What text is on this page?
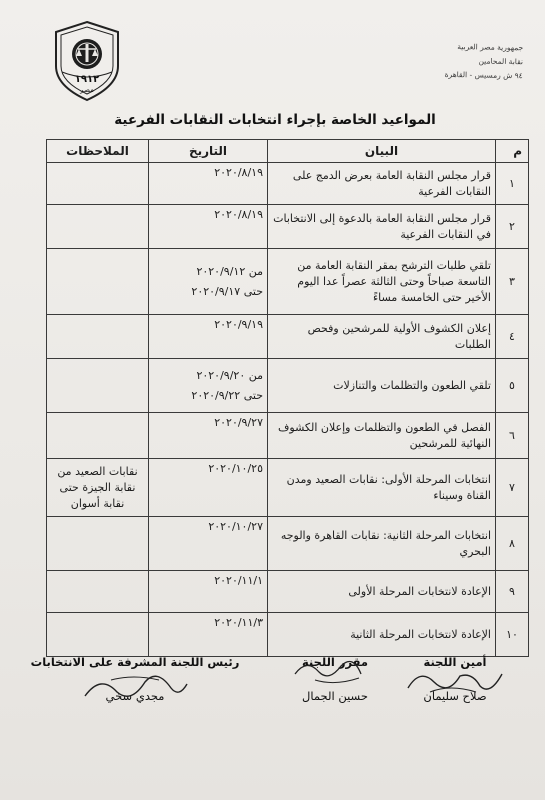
١٩١٢
مصر
جمهورية مصر العربية
نقابة المحامين
٩٤ ش رمسيس - القاهرة
المواعيد الخاصة بإجراء انتخابات النقابات الفرعية
م	البيان	التاريخ	الملاحظات
١	قرار مجلس النقابة العامة بعرض الدمج على النقابات الفرعية	٢٠٢٠/٨/١٩	

٢	قرار مجلس النقابة العامة بالدعوة إلى الانتخابات في النقابات الفرعية	٢٠٢٠/٨/١٩	

٣	تلقي طلبات الترشح بمقر النقابة العامة من التاسعة صباحاً وحتى الثالثة عصراً عدا اليوم الأخير حتى الخامسة مساءً	من ٢٠٢٠/٩/١٢
حتى ٢٠٢٠/٩/١٧	

٤	إعلان الكشوف الأولية للمرشحين وفحص الطلبات	٢٠٢٠/٩/١٩	

٥	تلقي الطعون والتظلمات والتنازلات	من ٢٠٢٠/٩/٢٠
حتى ٢٠٢٠/٩/٢٢	

٦	الفصل في الطعون والتظلمات وإعلان الكشوف النهائية للمرشحين	٢٠٢٠/٩/٢٧	

٧	انتخابات المرحلة الأولى: نقابات الصعيد ومدن القناة وسيناء	٢٠٢٠/١٠/٢٥	نقابات الصعيد من نقابة الجيزة حتى نقابة أسوان
٨	انتخابات المرحلة الثانية: نقابات القاهرة والوجه البحري	٢٠٢٠/١٠/٢٧	

٩	الإعادة لانتخابات المرحلة الأولى	٢٠٢٠/١١/١	

١٠	الإعادة لانتخابات المرحلة الثانية	٢٠٢٠/١١/٣	

أمين اللجنة
صلاح سليمان
مقرر اللجنة
حسين الجمال
رئيس اللجنة المشرفة على الانتخابات
مجدي سخي
